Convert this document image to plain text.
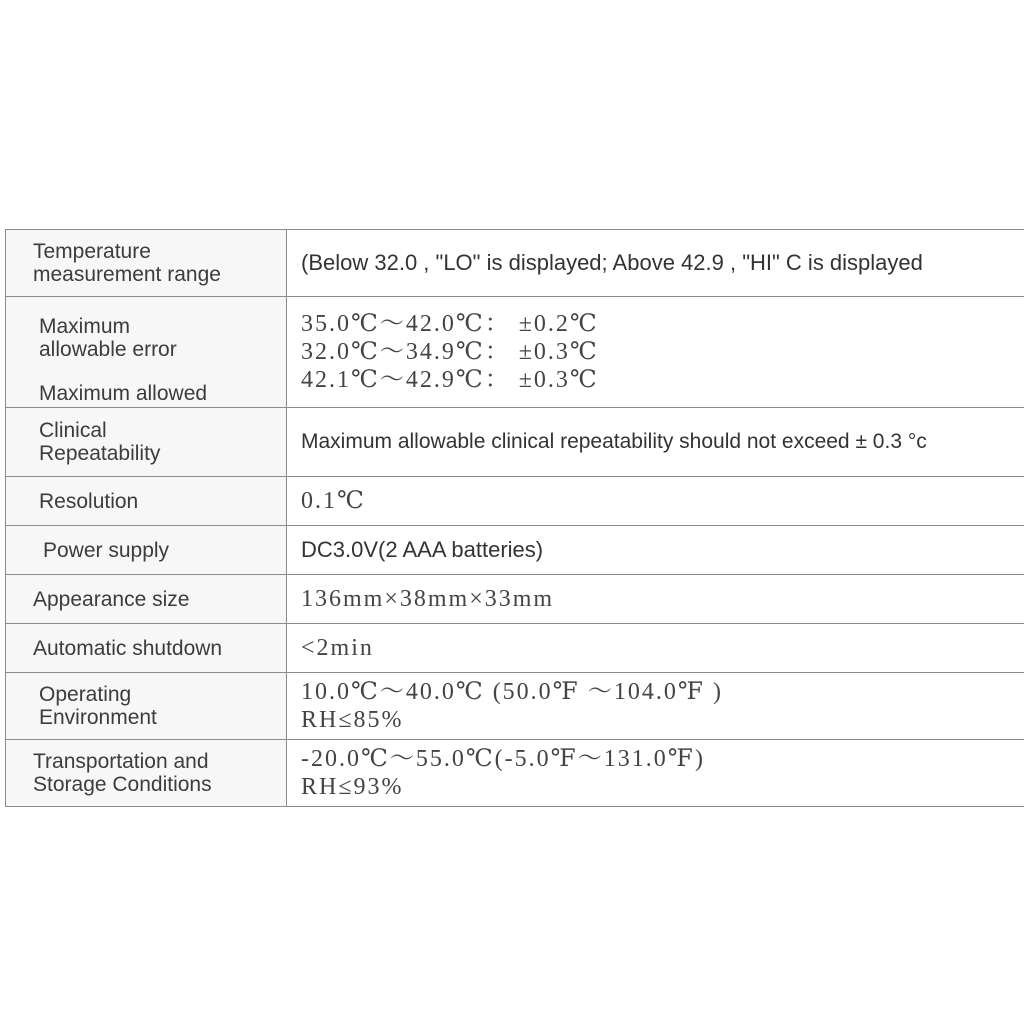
Temperature
measurement range	(Below 32.0 , "LO" is displayed; Above 42.9 , "HI" C is displayed

Maximum
allowable error
Maximum allowed	35.0℃～42.0℃： ±0.2℃
32.0℃～34.9℃： ±0.3℃
42.1℃～42.9℃： ±0.3℃

Clinical
Repeatability	Maximum allowable clinical repeatability should not exceed ± 0.3 °c

Resolution	0.1℃

Power supply	DC3.0V(2 AAA batteries)

Appearance size	136mm×38mm×33mm

Automatic shutdown	<2min

Operating
Environment	10.0℃～40.0℃ (50.0℉ ～104.0℉ )
RH≤85%

Transportation and
Storage Conditions	-20.0℃～55.0℃(-5.0℉～131.0℉)
RH≤93%
